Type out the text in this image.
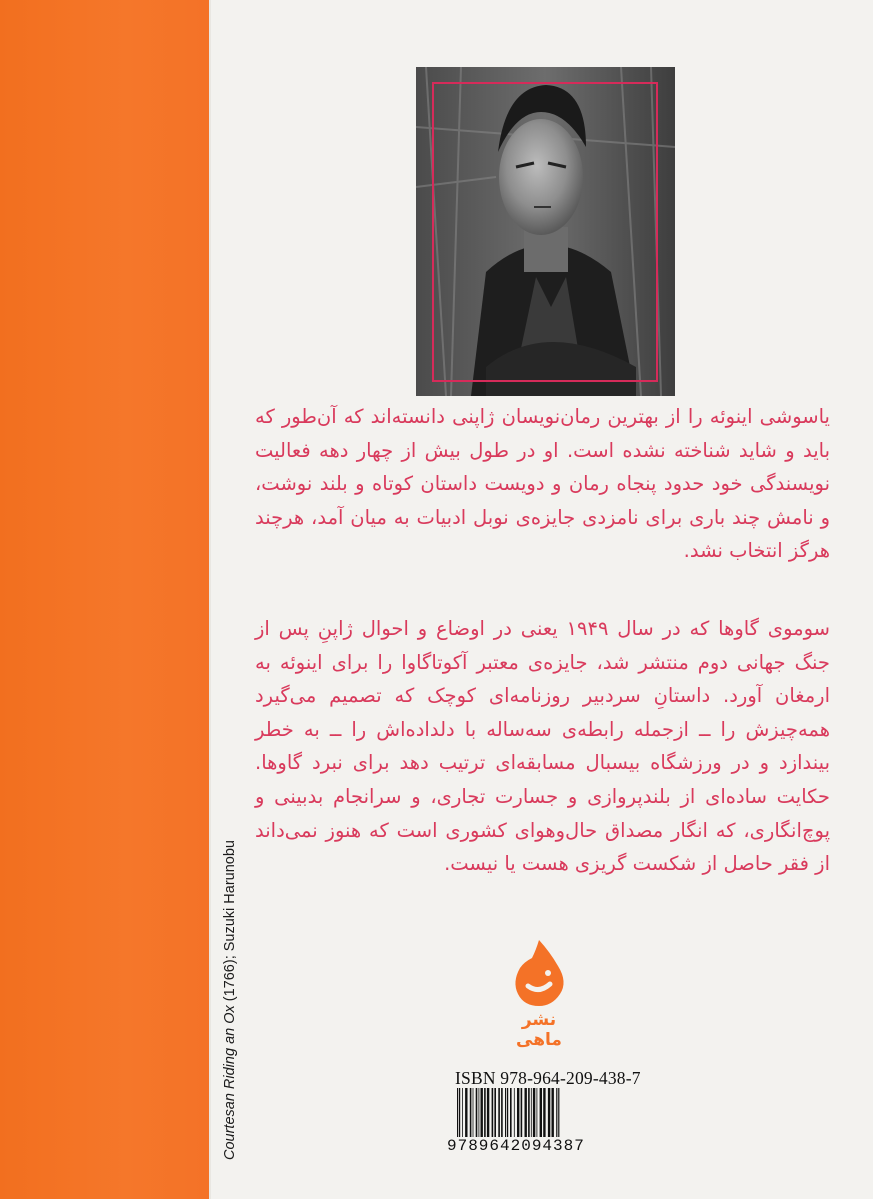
Courtesan Riding an Ox (1766); Suzuki Harunobu

یاسوشی اینوئه را از بهترین رمان‌نویسان ژاپنی دانسته‌اند که آن‌طور که باید و شاید شناخته نشده است. او در طول بیش از چهار دهه فعالیت نویسندگی خود حدود پنجاه رمان و دویست داستان کوتاه و بلند نوشت، و نامش چند باری برای نامزدی جایزه‌ی نوبل ادبیات به میان آمد، هرچند هرگز انتخاب نشد.

سوموی گاوها که در سال ۱۹۴۹ یعنی در اوضاع و احوال ژاپنِ پس از جنگ جهانی دوم منتشر شد، جایزه‌ی معتبر آکوتاگاوا را برای اینوئه به ارمغان آورد. داستانِ سردبیر روزنامه‌ای کوچک که تصمیم می‌گیرد همه‌چیزش را ــ ازجمله رابطه‌ی سه‌ساله با دلداده‌اش را ــ به خطر بیندازد و در ورزشگاه بیسبال مسابقه‌ای ترتیب دهد برای نبرد گاوها. حکایت ساده‌ای از بلندپروازی و جسارت تجاری، و سرانجام بدبینی و پوچ‌انگاری، که انگار مصداق حال‌وهوای کشوری است که هنوز نمی‌داند از فقر حاصل از شکست گریزی هست یا نیست.

نشر ماهی
ISBN 978-964-209-438-7
9789642094387
